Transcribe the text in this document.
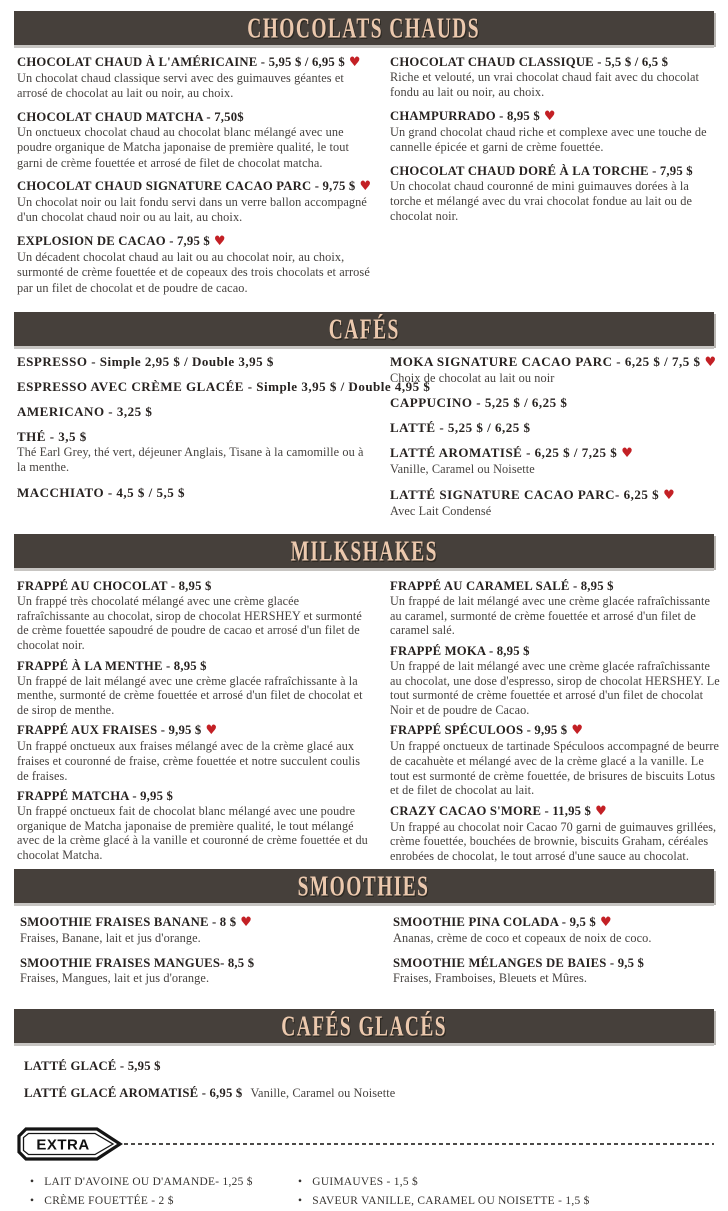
CHOCOLATS CHAUDS
CHOCOLAT CHAUD À L'AMÉRICAINE - 5,95 $ / 6,95 $ ♥
Un chocolat chaud classique servi avec des guimauves géantes et arrosé de chocolat au lait ou noir, au choix.
CHOCOLAT CHAUD MATCHA - 7,50$
Un onctueux chocolat chaud au chocolat blanc mélangé avec une poudre organique de Matcha japonaise de première qualité, le tout garni de crème fouettée et arrosé de filet de chocolat matcha.
CHOCOLAT CHAUD SIGNATURE CACAO PARC - 9,75 $ ♥
Un chocolat noir ou lait fondu servi dans un verre ballon accompagné d'un chocolat chaud noir ou au lait, au choix.
EXPLOSION DE CACAO - 7,95 $ ♥
Un décadent chocolat chaud au lait ou au chocolat noir, au choix, surmonté de crème fouettée et de copeaux des trois chocolats et arrosé par un filet de chocolat et de poudre de cacao.
CHOCOLAT CHAUD CLASSIQUE - 5,5 $ / 6,5 $
Riche et velouté, un vrai chocolat chaud fait avec du chocolat fondu au lait ou noir, au choix.
CHAMPURRADO - 8,95 $ ♥
Un grand chocolat chaud riche et complexe avec une touche de cannelle épicée et garni de crème fouettée.
CHOCOLAT CHAUD DORÉ À LA TORCHE - 7,95 $
Un chocolat chaud couronné de mini guimauves dorées à la torche et mélangé avec du vrai chocolat fondue au lait ou de chocolat noir.
CAFÉS
ESPRESSO - Simple 2,95 $ / Double 3,95 $
ESPRESSO AVEC CRÈME GLACÉE - Simple 3,95 $ / Double 4,95 $
AMERICANO - 3,25 $
THÉ - 3,5 $
Thé Earl Grey, thé vert, déjeuner Anglais, Tisane à la camomille ou à la menthe.
MACCHIATO - 4,5 $ / 5,5 $
MOKA SIGNATURE CACAO PARC - 6,25 $ / 7,5 $ ♥
Choix de chocolat au lait ou noir
CAPPUCINO - 5,25 $ / 6,25 $
LATTÉ - 5,25 $ / 6,25 $
LATTÉ AROMATISÉ - 6,25 $ / 7,25 $ ♥
Vanille, Caramel ou Noisette
LATTÉ SIGNATURE CACAO PARC- 6,25 $ ♥
Avec Lait Condensé
MILKSHAKES
FRAPPÉ AU CHOCOLAT - 8,95 $
Un frappé très chocolaté mélangé avec une crème glacée rafraîchissante au chocolat, sirop de chocolat HERSHEY et surmonté de crème fouettée sapoudré de poudre de cacao et arrosé d'un filet de chocolat noir.
FRAPPÉ À LA MENTHE - 8,95 $
Un frappé de lait mélangé avec une crème glacée rafraîchissante à la menthe, surmonté de crème fouettée et arrosé d'un filet de chocolat et de sirop de menthe.
FRAPPÉ AUX FRAISES - 9,95 $ ♥
Un frappé onctueux aux fraises mélangé avec de la crème glacé aux fraises et couronné de fraise, crème fouettée et notre succulent coulis de fraises.
FRAPPÉ MATCHA - 9,95 $
Un frappé onctueux fait de chocolat blanc mélangé avec une poudre organique de Matcha japonaise de première qualité, le tout mélangé avec de la crème glacé à la vanille et couronné de crème fouettée et du chocolat Matcha.
FRAPPÉ AU CARAMEL SALÉ - 8,95 $
Un frappé de lait mélangé avec une crème glacée rafraîchissante au caramel, surmonté de crème fouettée et arrosé d'un filet de caramel salé.
FRAPPÉ MOKA - 8,95 $
Un frappé de lait mélangé avec une crème glacée rafraîchissante au chocolat, une dose d'espresso, sirop de chocolat HERSHEY. Le tout surmonté de crème fouettée et arrosé d'un filet de chocolat Noir et de poudre de Cacao.
FRAPPÉ SPÉCULOOS - 9,95 $ ♥
Un frappé onctueux de tartinade Spéculoos accompagné de beurre de cacahuète et mélangé avec de la crème glacé a la vanille. Le tout est surmonté de crème fouettée, de brisures de biscuits Lotus et de filet de chocolat au lait.
CRAZY CACAO S'MORE - 11,95 $ ♥
Un frappé au chocolat noir Cacao 70 garni de guimauves grillées, crème fouettée, bouchées de brownie, biscuits Graham, céréales enrobées de chocolat, le tout arrosé d'une sauce au chocolat.
SMOOTHIES
SMOOTHIE FRAISES BANANE - 8 $ ♥
Fraises, Banane, lait et jus d'orange.
SMOOTHIE FRAISES MANGUES- 8,5 $
Fraises, Mangues, lait et jus d'orange.
SMOOTHIE PINA COLADA - 9,5 $ ♥
Ananas, crème de coco et copeaux de noix de coco.
SMOOTHIE MÉLANGES DE BAIES - 9,5 $
Fraises, Framboises, Bleuets et Mûres.
CAFÉS GLACÉS
LATTÉ GLACÉ - 5,95 $
LATTÉ GLACÉ AROMATISÉ - 6,95 $ Vanille, Caramel ou Noisette
EXTRA
• LAIT D'AVOINE OU D'AMANDE- 1,25 $
• CRÈME FOUETTÉE - 2 $
• GUIMAUVES - 1,5 $
• SAVEUR VANILLE, CARAMEL OU NOISETTE - 1,5 $
